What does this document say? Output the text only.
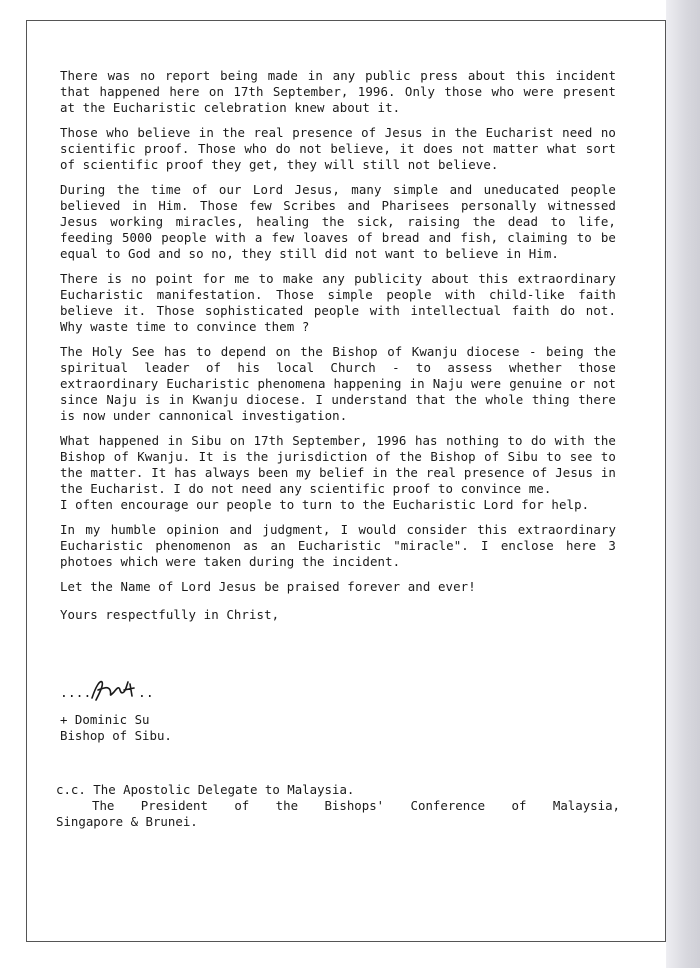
There was no report being made in any public press about this incident that happened here on 17th September, 1996. Only those who were present at the Eucharistic celebration knew about it.

Those who believe in the real presence of Jesus in the Eucharist need no scientific proof. Those who do not believe, it does not matter what sort of scientific proof they get, they will still not believe.

During the time of our Lord Jesus, many simple and uneducated people believed in Him. Those few Scribes and Pharisees personally witnessed Jesus working miracles, healing the sick, raising the dead to life, feeding 5000 people with a few loaves of bread and fish, claiming to be equal to God and so no, they still did not want to believe in Him.

There is no point for me to make any publicity about this extraordinary Eucharistic manifestation. Those simple people with child-like faith believe it. Those sophisticated people with intellectual faith do not. Why waste time to convince them ?

The Holy See has to depend on the Bishop of Kwanju diocese - being the spiritual leader of his local Church - to assess whether those extraordinary Eucharistic phenomena happening in Naju were genuine or not since Naju is in Kwanju diocese. I understand that the whole thing there is now under cannonical investigation.

What happened in Sibu on 17th September, 1996 has nothing to do with the Bishop of Kwanju. It is the jurisdiction of the Bishop of Sibu to see to the matter. It has always been my belief in the real presence of Jesus in the Eucharist. I do not need any scientific proof to convince me.
I often encourage our people to turn to the Eucharistic Lord for help.

In my humble opinion and judgment, I would consider this extraordinary Eucharistic phenomenon as an Eucharistic "miracle". I enclose here 3 photoes which were taken during the incident.

Let the Name of Lord Jesus be praised forever and ever!

Yours respectfully in Christ,

....	..
+ Dominic Su
Bishop of Sibu.
c.c. The Apostolic Delegate to Malaysia.
The President of the Bishops' Conference of Malaysia,
Singapore & Brunei.
